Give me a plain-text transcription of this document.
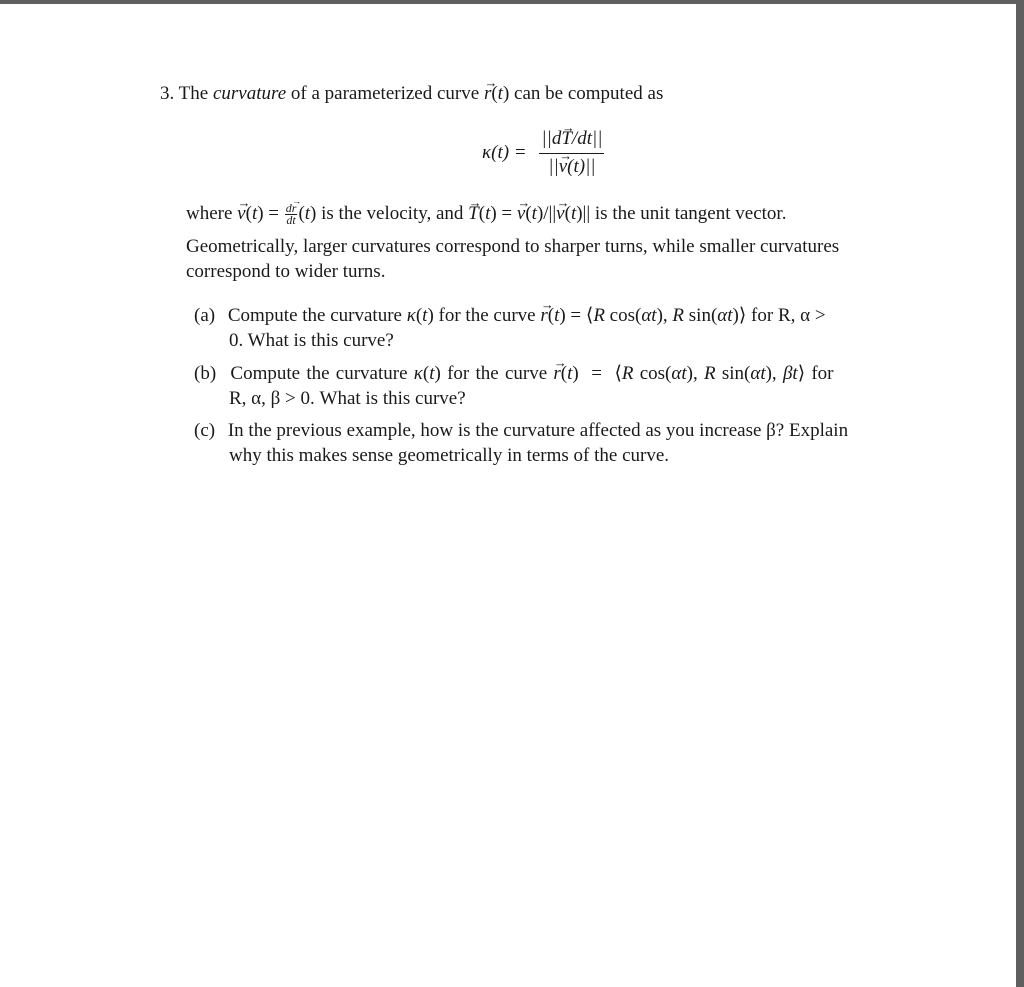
3. The curvature of a parameterized curve → r(t) can be computed as
$\kappa(t) = \frac{||d\to T/dt||}{||\to v(t)||}$
where → $v(t) = \frac{d\to r}{dt} (t)$ is the velocity, and → T(t) = → v(t)/||→ v(t)|| is the unit tangent vector.
Geometrically, larger curvatures correspond to sharper turns, while smaller curvatures
correspond to wider turns.
(a) Compute the curvature κ(t) for the curve → r(t) = ⟨R cos(αt), R sin(αt)⟩ for R, α >
0. What is this curve?
(b) Compute the curvature κ(t) for the curve → r(t)  =  ⟨R cos(αt), R sin(αt), βt⟩ for
R, α, β > 0. What is this curve?
(c) In the previous example, how is the curvature affected as you increase β? Explain
why this makes sense geometrically in terms of the curve.
